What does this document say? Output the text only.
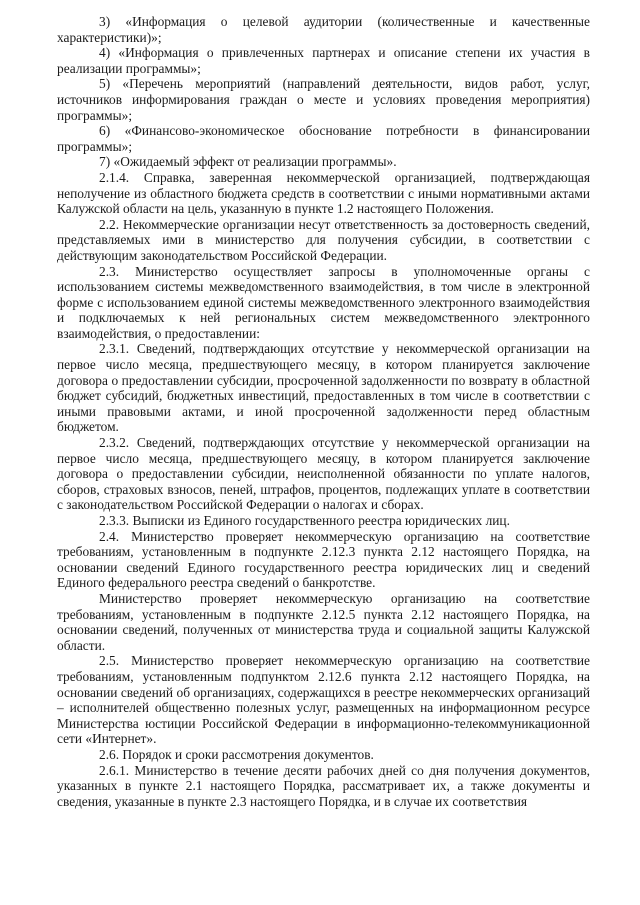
3) «Информация о целевой аудитории (количественные и качественные характеристики)»;

4) «Информация о привлеченных партнерах и описание степени их участия в реализации программы»;

5) «Перечень мероприятий (направлений деятельности, видов работ, услуг, источников информирования граждан о месте и условиях проведения мероприятия) программы»;

6) «Финансово-экономическое обоснование потребности в финансировании программы»;

7) «Ожидаемый эффект от реализации программы».

2.1.4. Справка, заверенная некоммерческой организацией, подтверждающая неполучение из областного бюджета средств в соответствии с иными нормативными актами Калужской области на цель, указанную в пункте 1.2 настоящего Положения.

2.2. Некоммерческие организации несут ответственность за достоверность сведений, представляемых ими в министерство для получения субсидии, в соответствии с действующим законодательством Российской Федерации.

2.3. Министерство осуществляет запросы в уполномоченные органы с использованием системы межведомственного взаимодействия, в том числе в электронной форме с использованием единой системы межведомственного электронного взаимодействия и подключаемых к ней региональных систем межведомственного электронного взаимодействия, о предоставлении:

2.3.1. Сведений, подтверждающих отсутствие у некоммерческой организации на первое число месяца, предшествующего месяцу, в котором планируется заключение договора о предоставлении субсидии, просроченной задолженности по возврату в областной бюджет субсидий, бюджетных инвестиций, предоставленных в том числе в соответствии с иными правовыми актами, и иной просроченной задолженности перед областным бюджетом.

2.3.2. Сведений, подтверждающих отсутствие у некоммерческой организации на первое число месяца, предшествующего месяцу, в котором планируется заключение договора о предоставлении субсидии, неисполненной обязанности по уплате налогов, сборов, страховых взносов, пеней, штрафов, процентов, подлежащих уплате в соответствии с законодательством Российской Федерации о налогах и сборах.

2.3.3. Выписки из Единого государственного реестра юридических лиц.

2.4. Министерство проверяет некоммерческую организацию на соответствие требованиям, установленным в подпункте 2.12.3 пункта 2.12 настоящего Порядка, на основании сведений Единого государственного реестра юридических лиц и сведений Единого федерального реестра сведений о банкротстве.

Министерство проверяет некоммерческую организацию на соответствие требованиям, установленным в подпункте 2.12.5 пункта 2.12 настоящего Порядка, на основании сведений, полученных от министерства труда и социальной защиты Калужской области.

2.5. Министерство проверяет некоммерческую организацию на соответствие требованиям, установленным подпунктом 2.12.6 пункта 2.12 настоящего Порядка, на основании сведений об организациях, содержащихся в реестре некоммерческих организаций – исполнителей общественно полезных услуг, размещенных на информационном ресурсе Министерства юстиции Российской Федерации в информационно-телекоммуникационной сети «Интернет».

2.6. Порядок и сроки рассмотрения документов.

2.6.1. Министерство в течение десяти рабочих дней со дня получения документов, указанных в пункте 2.1 настоящего Порядка, рассматривает их, а также документы и сведения, указанные в пункте 2.3 настоящего Порядка, и в случае их соответствия
